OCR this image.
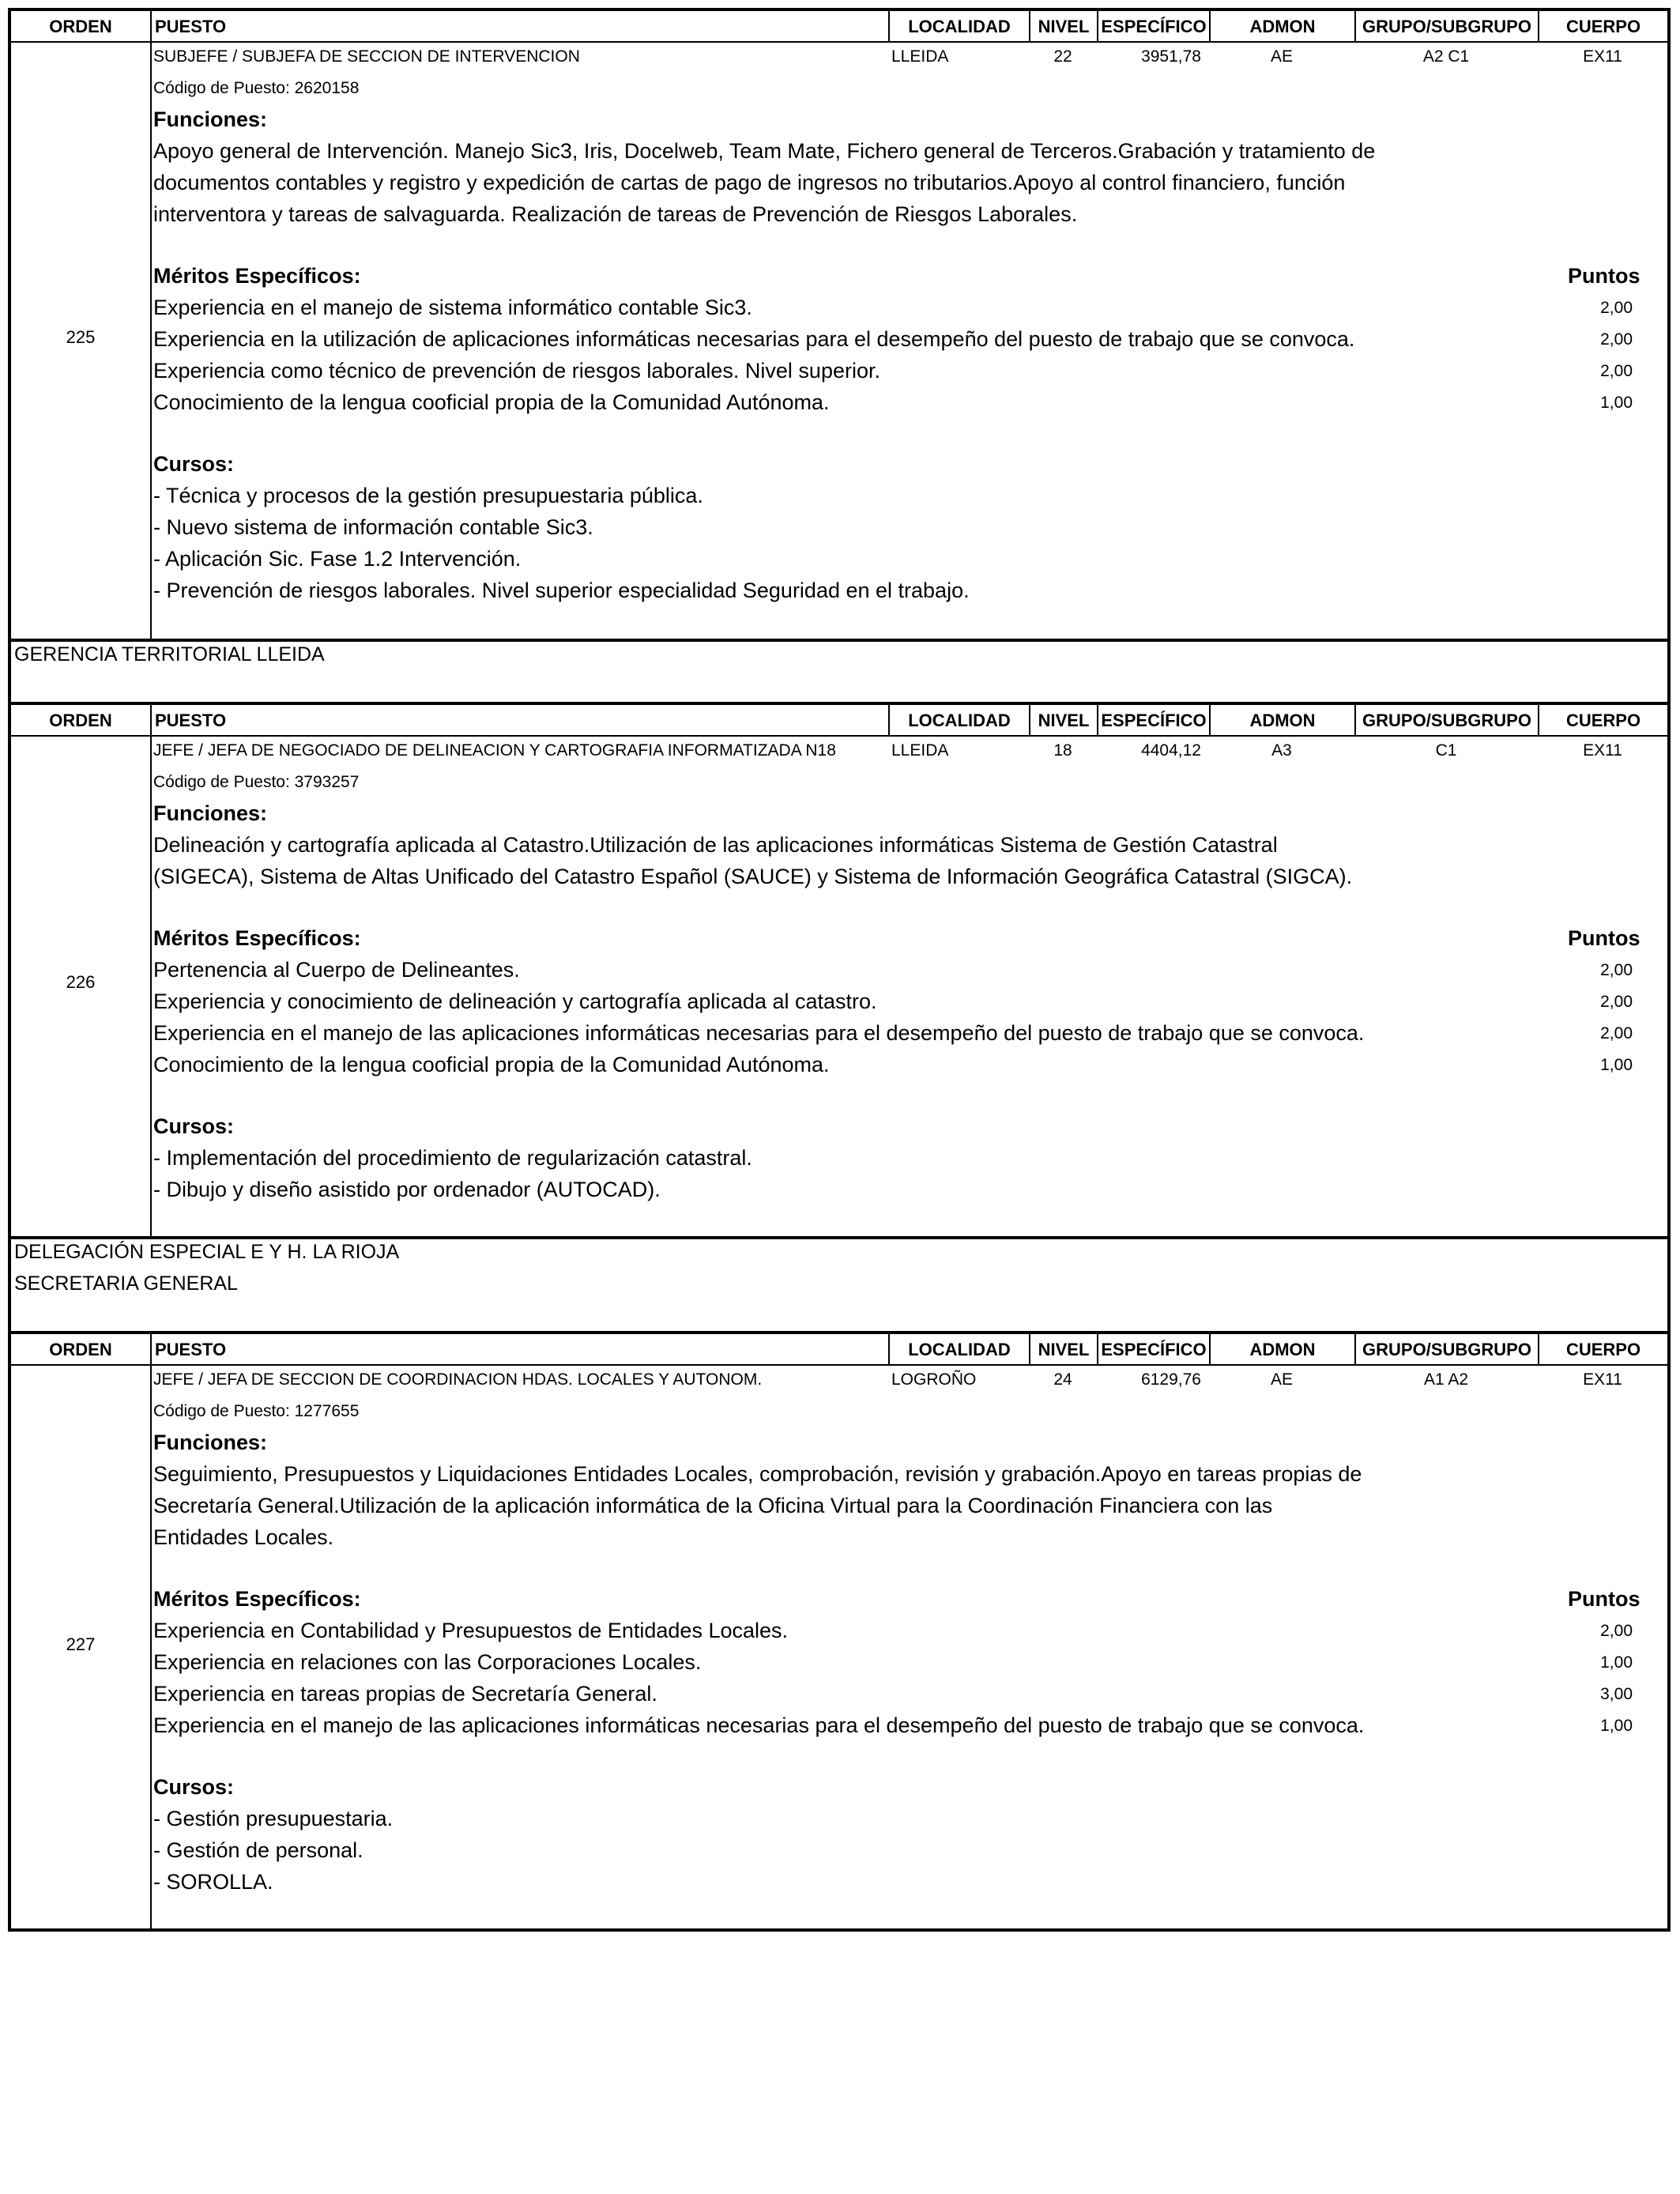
ORDEN	PUESTO	LOCALIDAD	NIVEL ESPECÍFICO	ADMON	GRUPO/SUBGRUPO	CUERPO
225
SUBJEFE / SUBJEFA DE SECCION DE INTERVENCION	LLEIDA	22	3951,78	AE	A2 C1	EX11
Código de Puesto: 2620158
Funciones:
Apoyo general de Intervención. Manejo Sic3, Iris, Docelweb, Team Mate, Fichero general de Terceros.Grabación y tratamiento de
documentos contables y registro y expedición de cartas de pago de ingresos no tributarios.Apoyo al control financiero, función
interventora y tareas de salvaguarda. Realización de tareas de Prevención de Riesgos Laborales.
Méritos Específicos:	Puntos
Experiencia en el manejo de sistema informático contable Sic3.	2,00
Experiencia en la utilización de aplicaciones informáticas necesarias para el desempeño del puesto de trabajo que se convoca.	2,00
Experiencia como técnico de prevención de riesgos laborales. Nivel superior.	2,00
Conocimiento de la lengua cooficial propia de la Comunidad Autónoma.	1,00
Cursos:
- Técnica y procesos de la gestión presupuestaria pública.
- Nuevo sistema de información contable Sic3.
- Aplicación Sic. Fase 1.2 Intervención.
- Prevención de riesgos laborales. Nivel superior especialidad Seguridad en el trabajo.
GERENCIA TERRITORIAL LLEIDA
ORDEN	PUESTO	LOCALIDAD	NIVEL ESPECÍFICO	ADMON	GRUPO/SUBGRUPO	CUERPO
226
JEFE / JEFA DE NEGOCIADO DE DELINEACION Y CARTOGRAFIA INFORMATIZADA N18	LLEIDA	18	4404,12	A3	C1	EX11
Código de Puesto: 3793257
Funciones:
Delineación y cartografía aplicada al Catastro.Utilización de las aplicaciones informáticas Sistema de Gestión Catastral
(SIGECA), Sistema de Altas Unificado del Catastro Español (SAUCE) y Sistema de Información Geográfica Catastral (SIGCA).
Méritos Específicos:	Puntos
Pertenencia al Cuerpo de Delineantes.	2,00
Experiencia y conocimiento de delineación y cartografía aplicada al catastro.	2,00
Experiencia en el manejo de las aplicaciones informáticas necesarias para el desempeño del puesto de trabajo que se convoca.	2,00
Conocimiento de la lengua cooficial propia de la Comunidad Autónoma.	1,00
Cursos:
- Implementación del procedimiento de regularización catastral.
- Dibujo y diseño asistido por ordenador (AUTOCAD).
DELEGACIÓN ESPECIAL E Y H. LA RIOJA
SECRETARIA GENERAL
ORDEN	PUESTO	LOCALIDAD	NIVEL ESPECÍFICO	ADMON	GRUPO/SUBGRUPO	CUERPO
227
JEFE / JEFA DE SECCION DE COORDINACION HDAS. LOCALES Y AUTONOM.	LOGROÑO	24	6129,76	AE	A1 A2	EX11
Código de Puesto: 1277655
Funciones:
Seguimiento, Presupuestos y Liquidaciones Entidades Locales, comprobación, revisión y grabación.Apoyo en tareas propias de
Secretaría General.Utilización de la aplicación informática de la Oficina Virtual para la Coordinación Financiera con las
Entidades Locales.
Méritos Específicos:	Puntos
Experiencia en Contabilidad y Presupuestos de Entidades Locales.	2,00
Experiencia en relaciones con las Corporaciones Locales.	1,00
Experiencia en tareas propias de Secretaría General.	3,00
Experiencia en el manejo de las aplicaciones informáticas necesarias para el desempeño del puesto de trabajo que se convoca.	1,00
Cursos:
- Gestión presupuestaria.
- Gestión de personal.
- SOROLLA.
